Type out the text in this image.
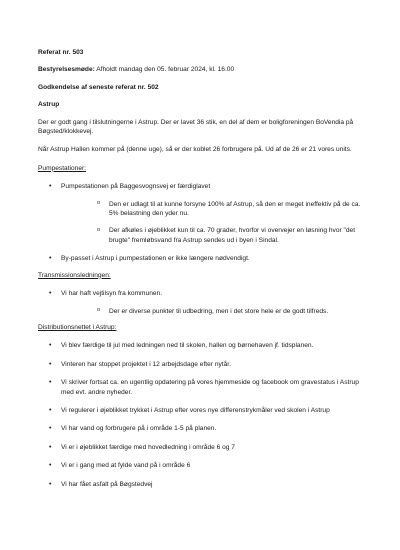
Referat nr. 503

Bestyrelsesmøde: Afholdt mandag den 05. februar 2024, kl. 16.00

Godkendelse af seneste referat nr. 502

Astrup

Der er godt gang i tilslutningerne i Astrup. Der er lavet 36 stik, en del af dem er boligforeningen BoVendia på Bøgsted/klokkevej.

Når Astrup Hallen kommer på (denne uge), så er der koblet 26 forbrugere på. Ud af de 26 er 21 vores units.

Pumpestationer:

• Pumpestationen på Baggesvognsvej er færdiglavet
o Den er udlagt til at kunne forsyne 100% af Astrup, så den er meget ineffektiv på de ca. 5% belastning den yder nu.
o Der afkøles i øjeblikket kun til ca. 70 grader, hvorfor vi overvejer en løsning hvor "det brugte" fremløbsvand fra Astrup sendes ud i byen i Sindal.
• By-passet i Astrup i pumpestationen er ikke længere nødvendigt.

Transmissionsledningen:

• Vi har haft vejtilsyn fra kommunen.
o Der er diverse punkter til udbedring, men i det store hele er de godt tilfreds.

Distributionsnettet i Astrup:

• Vi blev færdige til jul med ledningen ned til skolen, hallen og børnehaven jf. tidsplanen.
• Vinteren har stoppet projektet i 12 arbejdsdage efter nytår.
• Vi skriver fortsat ca. en ugentlig opdatering på vores hjemmeside og facebook om gravestatus i Astrup med evt. andre nyheder.
• Vi regulerer i øjeblikket trykket i Astrup efter vores nye differenstrykmåler ved skolen i Astrup
• Vi har vand og forbrugere på i område 1-5 på planen.
• Vi er i øjeblikket færdige med hovedledning i område 6 og 7
• Vi er i gang med at fylde vand på i område 6
• Vi har fået asfalt på Bøgstedvej
